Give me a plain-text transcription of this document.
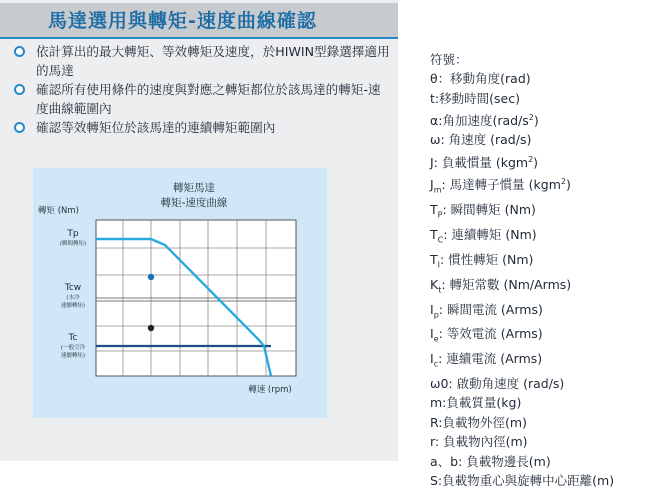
馬達選用與轉矩-速度曲線確認
依計算出的最大轉矩、等效轉矩及速度，於HIWIN型錄選擇適用的馬達
確認所有使用條件的速度與對應之轉矩都位於該馬達的轉矩-速度曲線範圍內
確認等效轉矩位於該馬達的連續轉矩範圍內
轉矩馬達
轉矩-速度曲線
轉矩 (Nm)
Tp
(瞬間轉矩)
Tcw
(水冷
連續轉矩)
Tc
(一般空冷
連續轉矩)
轉速 (rpm)
符號：
θ：移動角度(rad)
t:移動時間(sec)
α:角加速度$(rad/s^2)$
ω: 角速度 (rad/s)
J: 負載慣量 (kgm$^2$)
$J_m$: 馬達轉子慣量 (kgm$^2$)
$T_P$: 瞬間轉矩 (Nm)
$T_C$: 連續轉矩 (Nm)
$T_I$: 慣性轉矩 (Nm)
$K_t$: 轉矩常數 (Nm/Arms)
$I_p$: 瞬間電流 (Arms)
$I_e$: 等效電流 (Arms)
$I_c$: 連續電流 (Arms)
ω0: 啟動角速度 (rad/s)
m:負載質量(kg)
R:負載物外徑(m)
r: 負載物內徑(m)
a、b: 負載物邊長(m)
S:負載物重心與旋轉中心距離(m)
